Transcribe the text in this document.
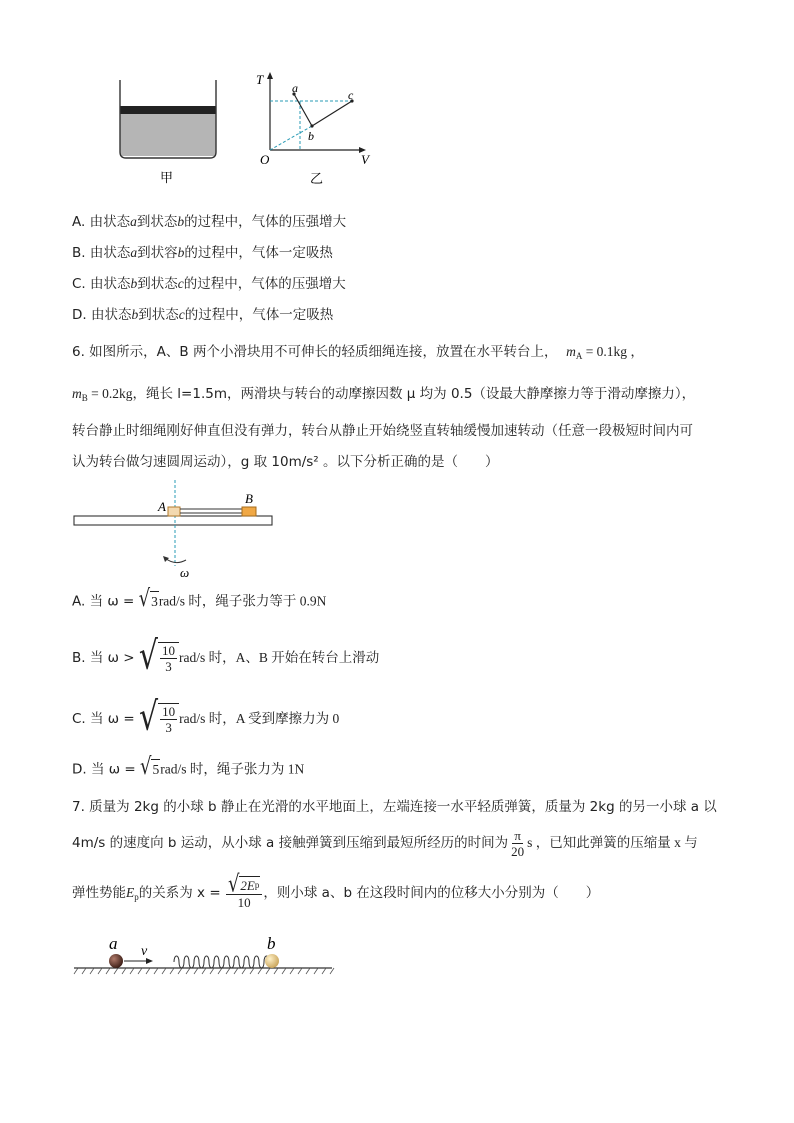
甲
T
V
O
a
b
c
乙
A. 由状态a到状态b的过程中，气体的压强增大
B. 由状态a到状容b的过程中，气体一定吸热
C. 由状态b到状态c的过程中，气体的压强增大
D. 由状态b到状态c的过程中，气体一定吸热
6. 如图所示，A、B 两个小滑块用不可伸长的轻质细绳连接，放置在水平转台上， $m_A = 0.1kg$ ，
$m_B = 0.2kg$，绳长 l=1.5m，两滑块与转台的动摩擦因数 μ 均为 0.5（设最大静摩擦力等于滑动摩擦力），
转台静止时细绳刚好伸直但没有弹力，转台从静止开始绕竖直转轴缓慢加速转动（任意一段极短时间内可
认为转台做匀速圆周运动），g 取 10m/s² 。以下分析正确的是（　　）
A
B
ω
A. 当 ω = √ 3 rad/s 时，绳子张力等于 0.9N
B. 当 ω > √ $\frac{10}{3} rad/s$ 时，A、B 开始在转台上滑动
C. 当 ω = √ $\frac{10}{3} rad/s$ 时，A 受到摩擦力为 0
D. 当 ω = √ 5 rad/s 时，绳子张力为 1N
7. 质量为 2kg 的小球 b 静止在光滑的水平地面上，左端连接一水平轻质弹簧，质量为 2kg 的另一小球 a 以
4m/s 的速度向 b 运动，从小球 a 接触弹簧到压缩到最短所经历的时间为 $\frac{\pi}{20}$ s ，已知此弹簧的压缩量 x 与
弹性势能$E_p$的关系为 $x = \frac{\text{√ 2E p}}{10}$ ，则小球 a、b 在这段时间内的位移大小分别为（　　）
a v	b
